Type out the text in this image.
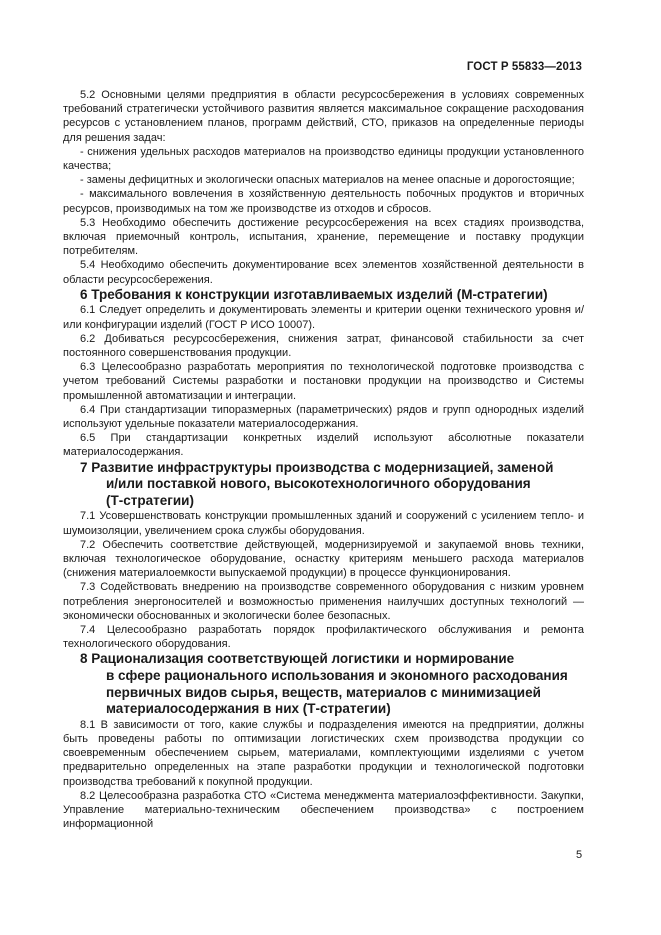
ГОСТ Р 55833—2013

5.2 Основными целями предприятия в области ресурсосбережения в условиях современных требований стратегически устойчивого развития является максимальное сокращение расходования ресурсов с установлением планов, программ действий, СТО, приказов на определенные периоды для решения задач:

- снижения удельных расходов материалов на производство единицы продукции установленного качества;

- замены дефицитных и экологически опасных материалов на менее опасные и дорогостоящие;

- максимального вовлечения в хозяйственную деятельность побочных продуктов и вторичных ресурсов, производимых на том же производстве из отходов и сбросов.

5.3 Необходимо обеспечить достижение ресурсосбережения на всех стадиях производства, включая приемочный контроль, испытания, хранение, перемещение и поставку продукции потребителям.

5.4 Необходимо обеспечить документирование всех элементов хозяйственной деятельности в области ресурсосбережения.

6 Требования к конструкции изготавливаемых изделий (М-стратегии)

6.1 Следует определить и документировать элементы и критерии оценки технического уровня и/или конфигурации изделий (ГОСТ Р ИСО 10007).

6.2 Добиваться ресурсосбережения, снижения затрат, финансовой стабильности за счет постоянного совершенствования продукции.

6.3 Целесообразно разработать мероприятия по технологической подготовке производства с учетом требований Системы разработки и постановки продукции на производство и Системы промышленной автоматизации и интеграции.

6.4 При стандартизации типоразмерных (параметрических) рядов и групп однородных изделий используют удельные показатели материалосодержания.

6.5 При стандартизации конкретных изделий используют абсолютные показатели материалосодержания.

7 Развитие инфраструктуры производства с модернизацией, заменой
и/или поставкой нового, высокотехнологичного оборудования
(Т-стратегии)

7.1 Усовершенствовать конструкции промышленных зданий и сооружений с усилением тепло- и шумоизоляции, увеличением срока службы оборудования.

7.2 Обеспечить соответствие действующей, модернизируемой и закупаемой вновь техники, включая технологическое оборудование, оснастку критериям меньшего расхода материалов (снижения материалоемкости выпускаемой продукции) в процессе функционирования.

7.3 Содействовать внедрению на производстве современного оборудования с низким уровнем потребления энергоносителей и возможностью применения наилучших доступных технологий — экономически обоснованных и экологически более безопасных.

7.4 Целесообразно разработать порядок профилактического обслуживания и ремонта технологического оборудования.

8 Рационализация соответствующей логистики и нормирование
в сфере рационального использования и экономного расходования
первичных видов сырья, веществ, материалов с минимизацией
материалосодержания в них (Т-стратегии)

8.1 В зависимости от того, какие службы и подразделения имеются на предприятии, должны быть проведены работы по оптимизации логистических схем производства продукции со своевременным обеспечением сырьем, материалами, комплектующими изделиями с учетом предварительно определенных на этапе разработки продукции и технологической подготовки производства требований к покупной продукции.

8.2 Целесообразна разработка СТО «Система менеджмента материалоэффективности. Закупки, Управление материально-техническим обеспечением производства» с построением информационной

5
